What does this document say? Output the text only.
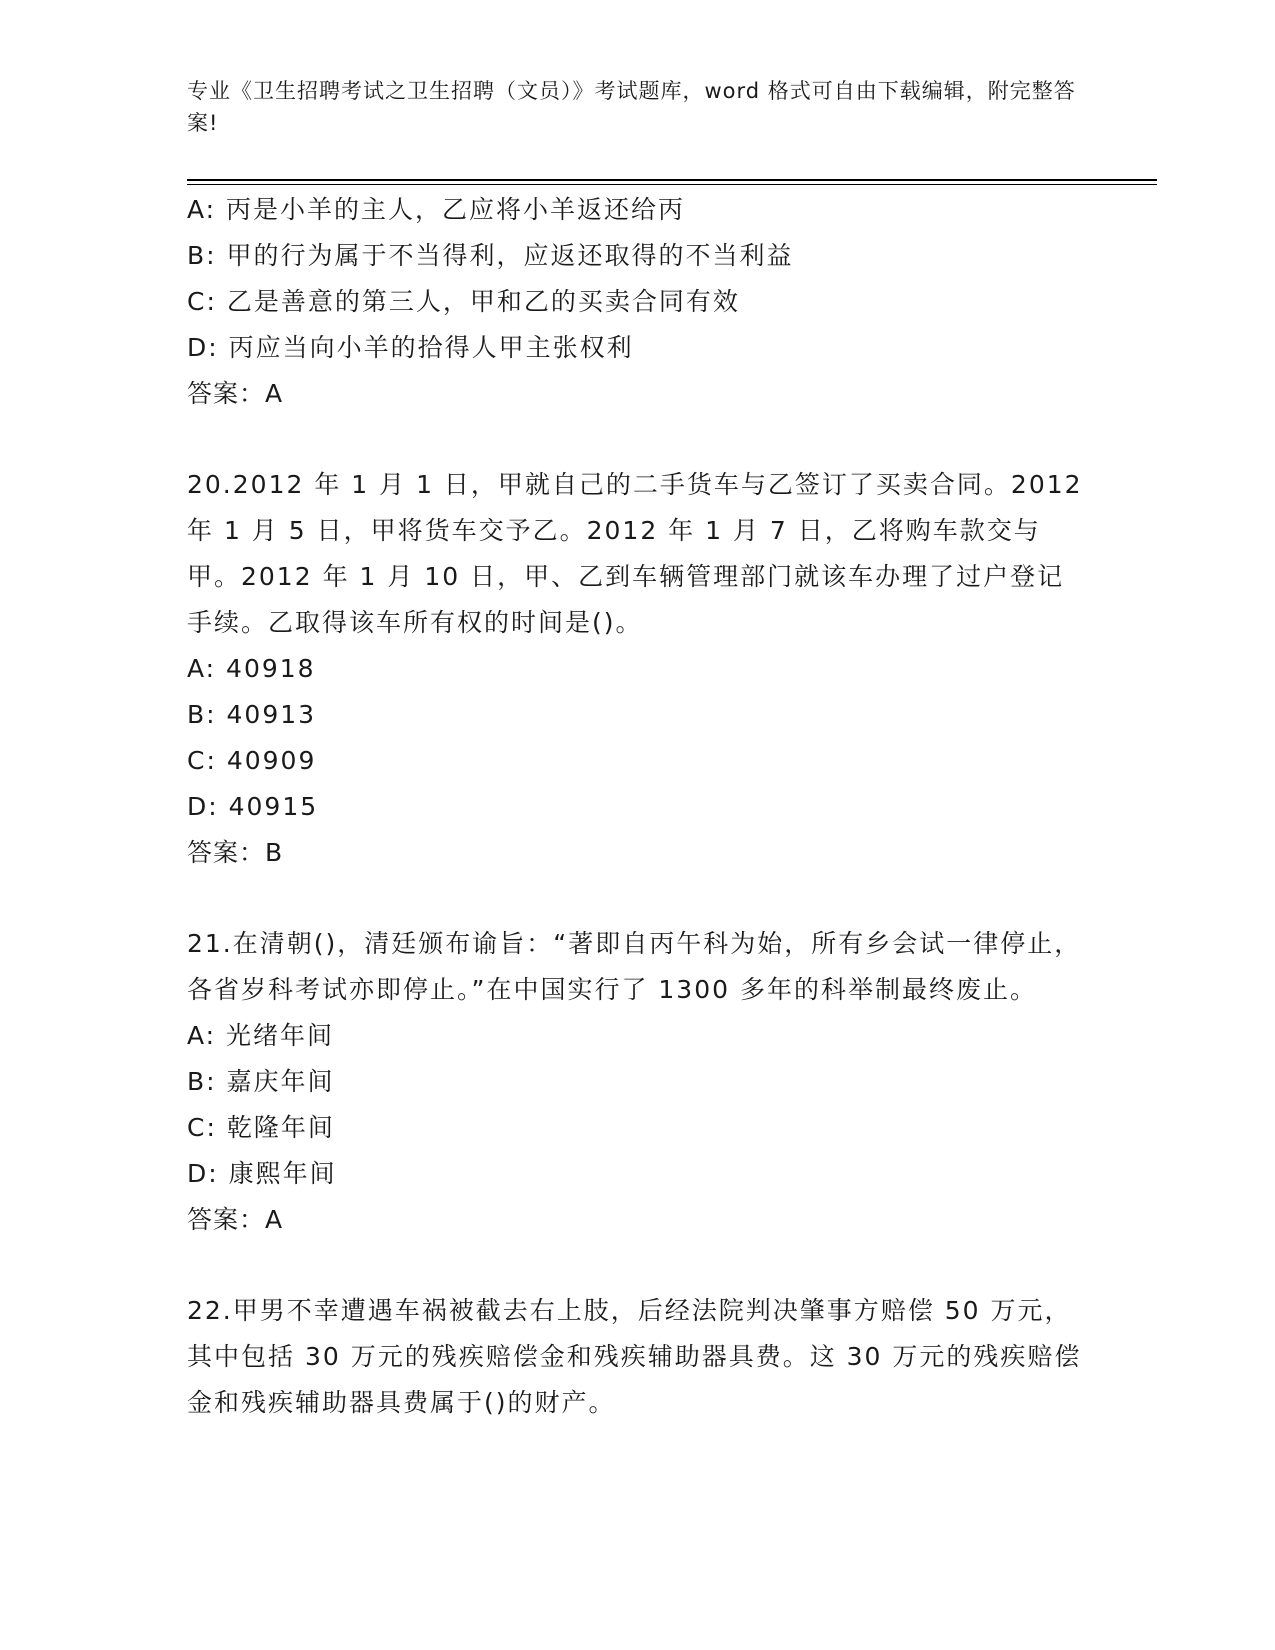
专业《卫生招聘考试之卫生招聘（文员）》考试题库，word 格式可自由下载编辑，附完整答案!
A: 丙是小羊的主人，乙应将小羊返还给丙
B: 甲的行为属于不当得利，应返还取得的不当利益
C: 乙是善意的第三人，甲和乙的买卖合同有效
D: 丙应当向小羊的拾得人甲主张权利
答案：A
20.2012 年 1 月 1 日，甲就自己的二手货车与乙签订了买卖合同。2012 年 1 月 5 日，甲将货车交予乙。2012 年 1 月 7 日，乙将购车款交与甲。2012 年 1 月 10 日，甲、乙到车辆管理部门就该车办理了过户登记手续。乙取得该车所有权的时间是()。
A: 40918
B: 40913
C: 40909
D: 40915
答案：B
21.在清朝()，清廷颁布谕旨：“著即自丙午科为始，所有乡会试一律停止，各省岁科考试亦即停止。”在中国实行了 1300 多年的科举制最终废止。
A: 光绪年间
B: 嘉庆年间
C: 乾隆年间
D: 康熙年间
答案：A
22.甲男不幸遭遇车祸被截去右上肢，后经法院判决肇事方赔偿 50 万元，其中包括 30 万元的残疾赔偿金和残疾辅助器具费。这 30 万元的残疾赔偿金和残疾辅助器具费属于()的财产。
